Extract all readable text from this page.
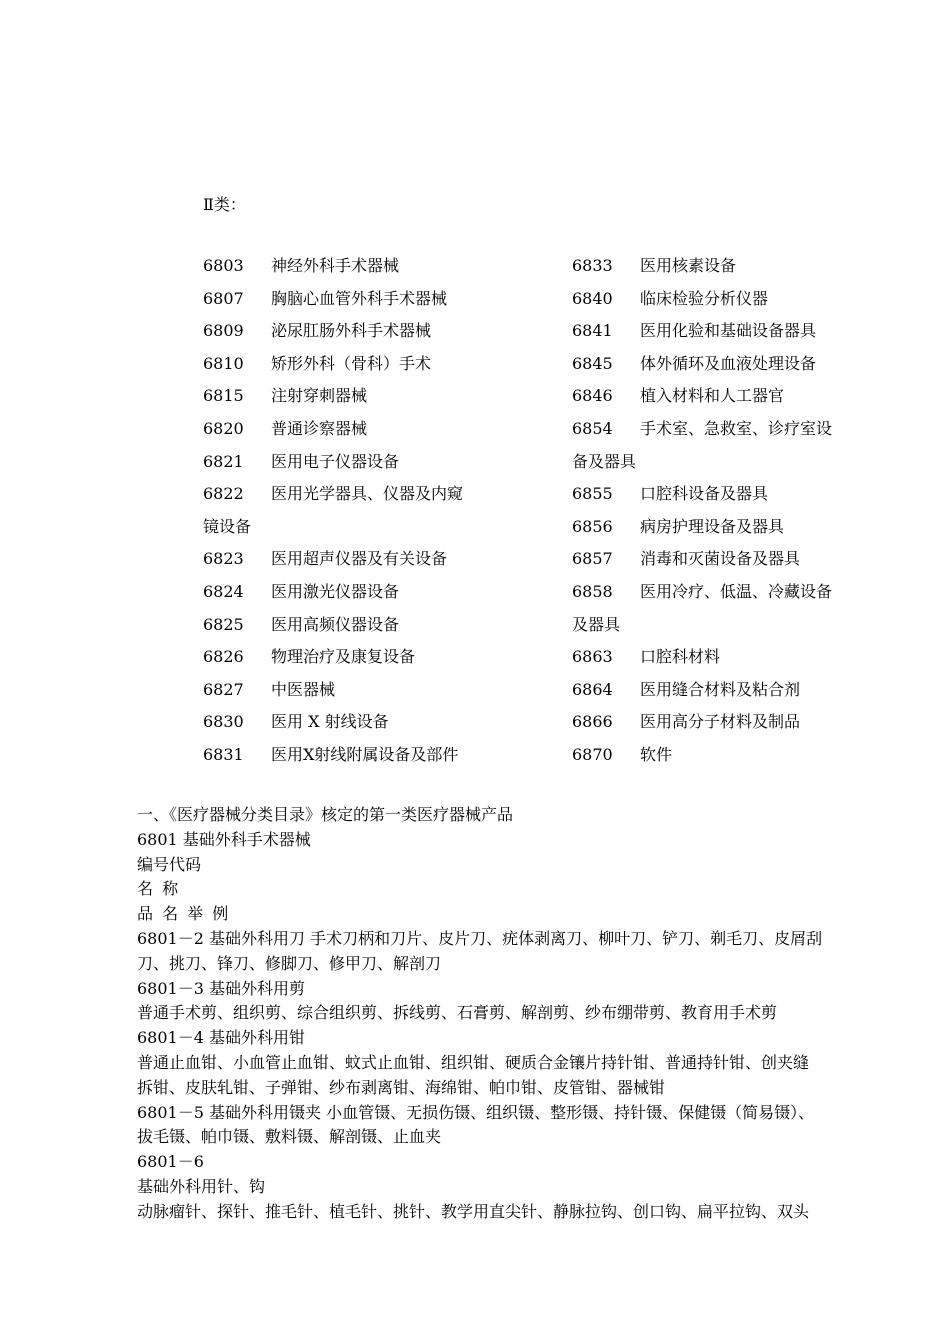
Ⅱ类：
6803 神经外科手术器械
6807 胸脑心血管外科手术器械
6809 泌尿肛肠外科手术器械
6810 矫形外科（骨科）手术
6815 注射穿刺器械
6820 普通诊察器械
6821 医用电子仪器设备
6822 医用光学器具、仪器及内窥
镜设备
6823 医用超声仪器及有关设备
6824 医用激光仪器设备
6825 医用高频仪器设备
6826 物理治疗及康复设备
6827 中医器械
6830 医用 X 射线设备
6831 医用X射线附属设备及部件
6833 医用核素设备
6840 临床检验分析仪器
6841 医用化验和基础设备器具
6845 体外循环及血液处理设备
6846 植入材料和人工器官
6854 手术室、急救室、诊疗室设
备及器具
6855 口腔科设备及器具
6856 病房护理设备及器具
6857 消毒和灭菌设备及器具
6858 医用冷疗、低温、冷藏设备
及器具
6863 口腔科材料
6864 医用缝合材料及粘合剂
6866 医用高分子材料及制品
6870 软件
一、《医疗器械分类目录》核定的第一类医疗器械产品
6801 基础外科手术器械
编号代码
名 称
品 名 举 例
6801－2 基础外科用刀 手术刀柄和刀片、皮片刀、疣体剥离刀、柳叶刀、铲刀、剃毛刀、皮屑刮
刀、挑刀、锋刀、修脚刀、修甲刀、解剖刀
6801－3 基础外科用剪
普通手术剪、组织剪、综合组织剪、拆线剪、石膏剪、解剖剪、纱布绷带剪、教育用手术剪
6801－4 基础外科用钳
普通止血钳、小血管止血钳、蚊式止血钳、组织钳、硬质合金镶片持针钳、普通持针钳、创夹缝
拆钳、皮肤轧钳、子弹钳、纱布剥离钳、海绵钳、帕巾钳、皮管钳、器械钳
6801－5 基础外科用镊夹 小血管镊、无损伤镊、组织镊、整形镊、持针镊、保健镊（简易镊）、
拔毛镊、帕巾镊、敷料镊、解剖镊、止血夹
6801－6
基础外科用针、钩
动脉瘤针、探针、推毛针、植毛针、挑针、教学用直尖针、静脉拉钩、创口钩、扁平拉钩、双头
